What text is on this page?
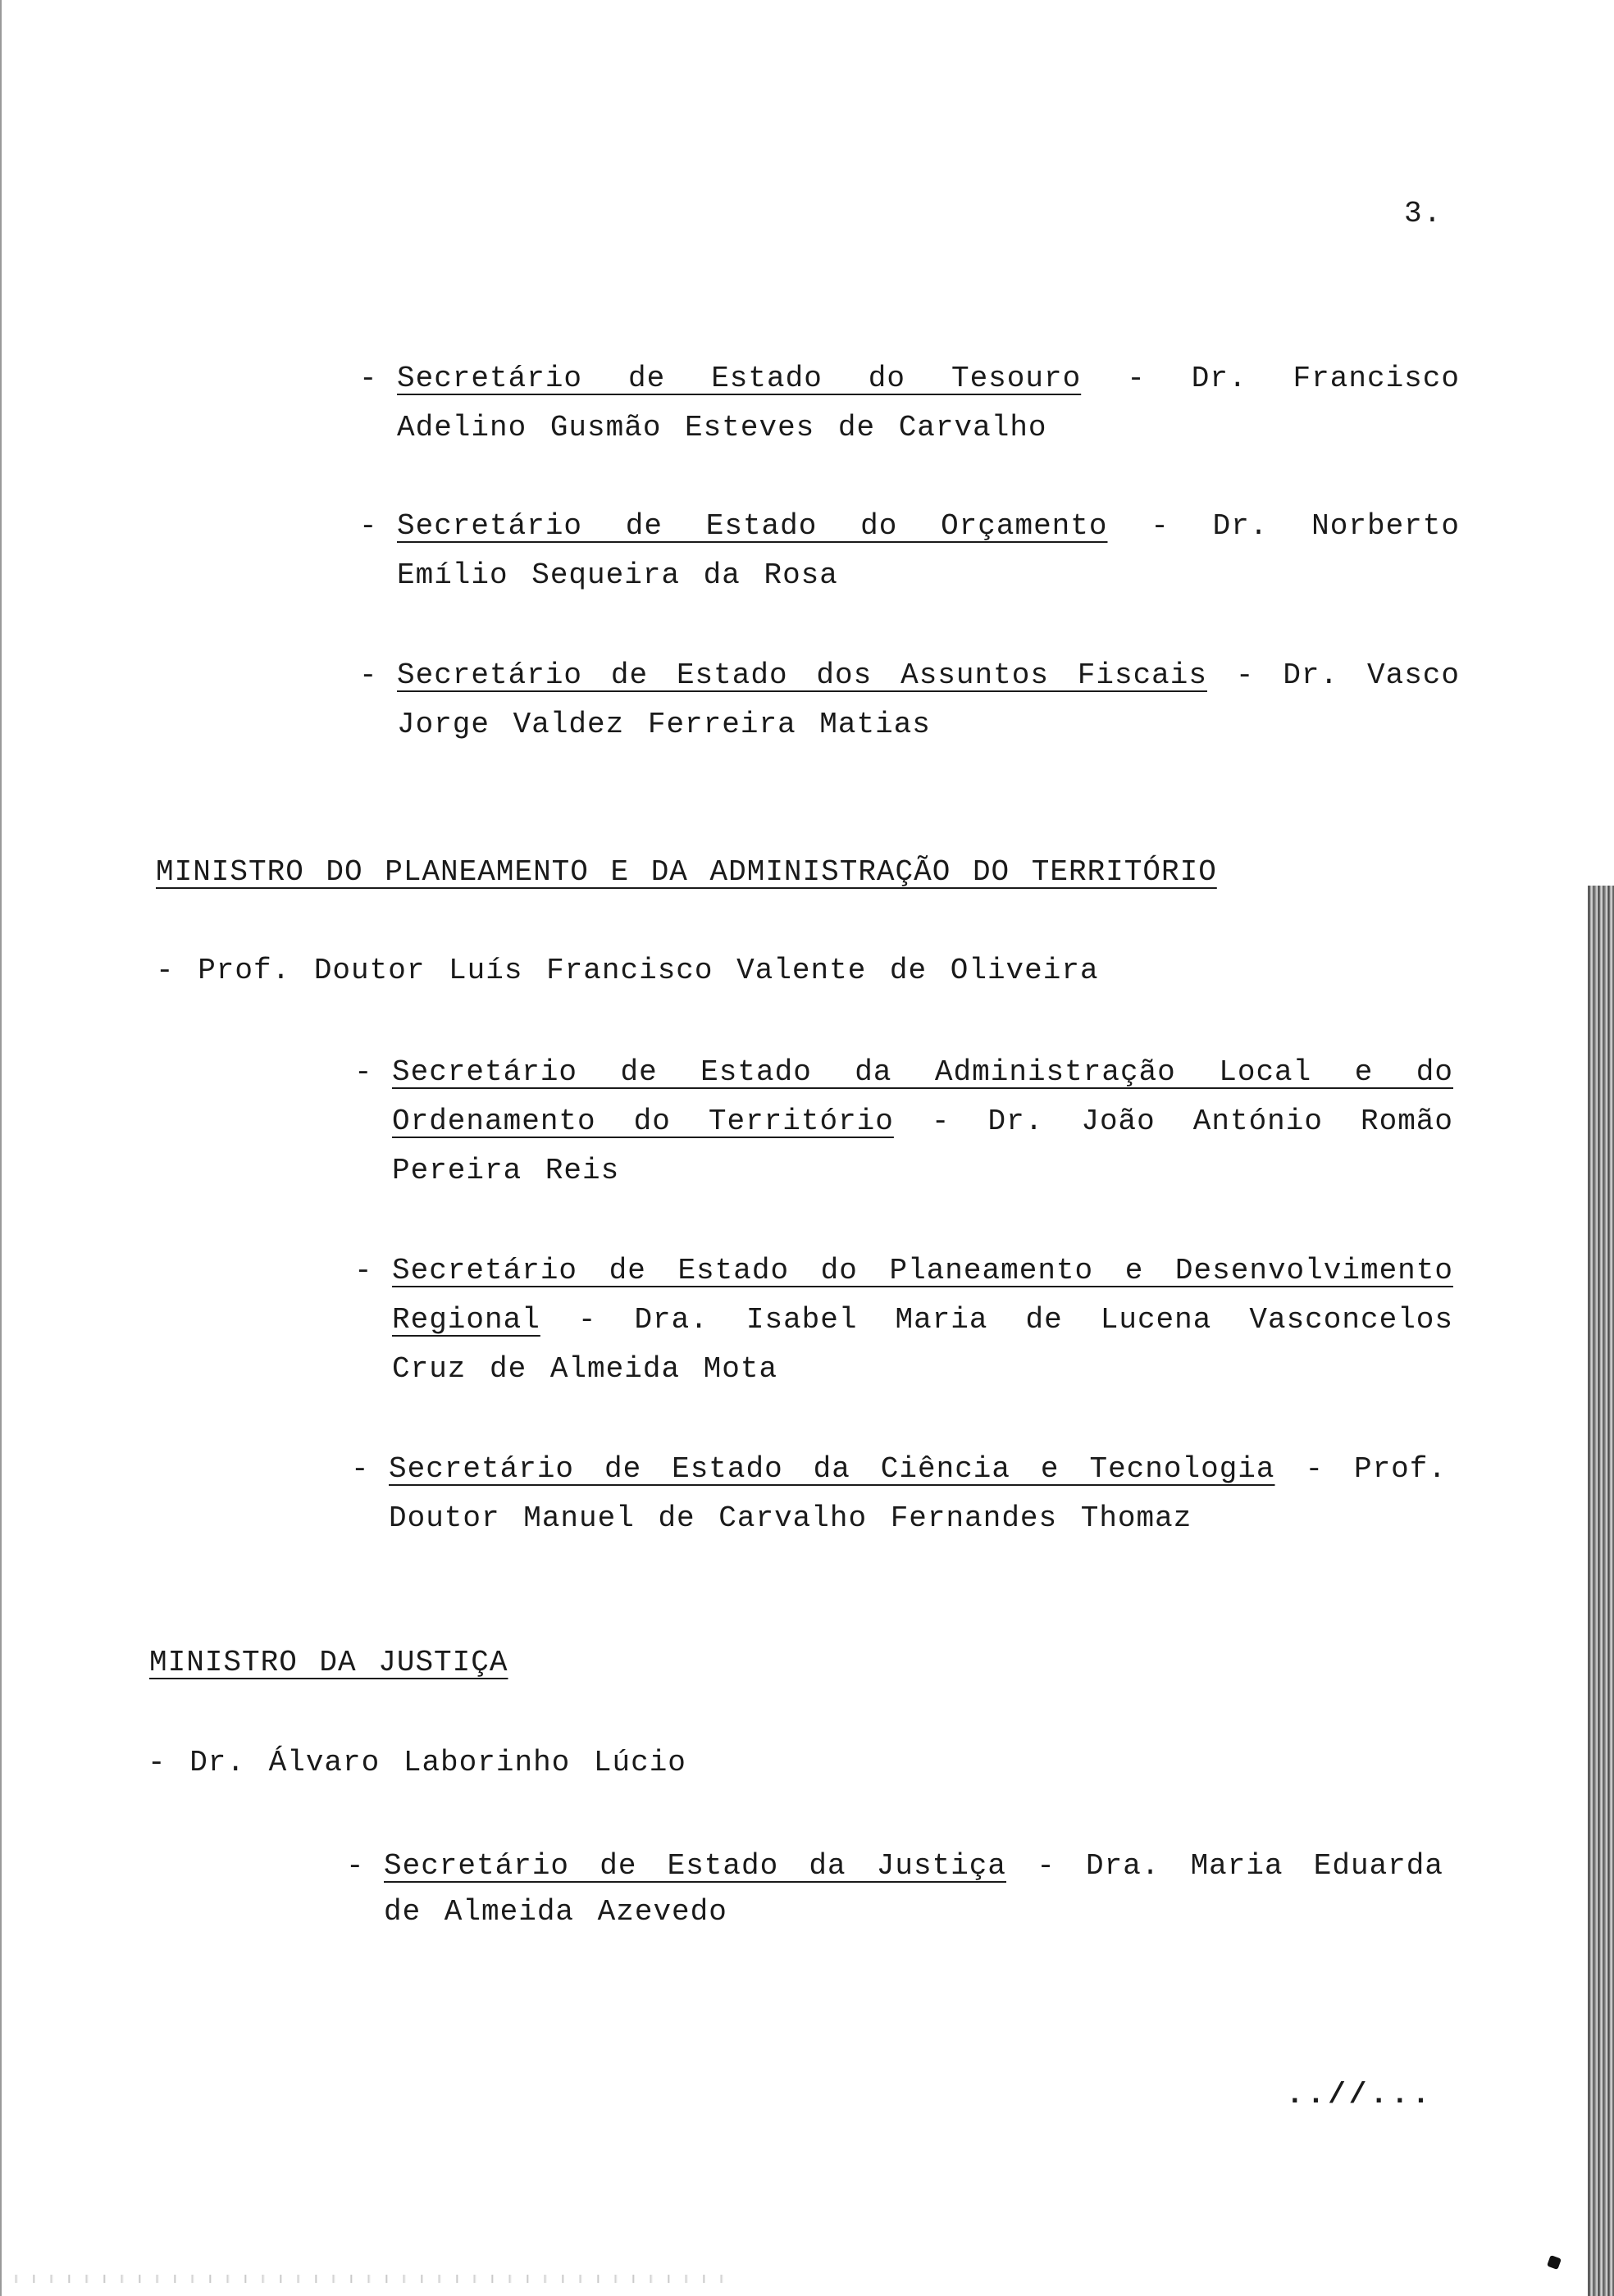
3.
- Secretário de Estado do Tesouro - Dr. Francisco
Adelino Gusmão Esteves de Carvalho
- Secretário de Estado do Orçamento - Dr. Norberto
Emílio Sequeira da Rosa
- Secretário de Estado dos Assuntos Fiscais - Dr. Vasco
Jorge Valdez Ferreira Matias
MINISTRO DO PLANEAMENTO E DA ADMINISTRAÇÃO DO TERRITÓRIO
- Prof. Doutor Luís Francisco Valente de Oliveira
- Secretário de Estado da Administração Local e do
Ordenamento do Território - Dr. João António Romão
Pereira Reis
- Secretário de Estado do Planeamento e Desenvolvimento
Regional - Dra. Isabel Maria de Lucena Vasconcelos
Cruz de Almeida Mota
- Secretário de Estado da Ciência e Tecnologia - Prof.
Doutor Manuel de Carvalho Fernandes Thomaz
MINISTRO DA JUSTIÇA
- Dr. Álvaro Laborinho Lúcio
- Secretário de Estado da Justiça - Dra. Maria Eduarda
de Almeida Azevedo
..//...
